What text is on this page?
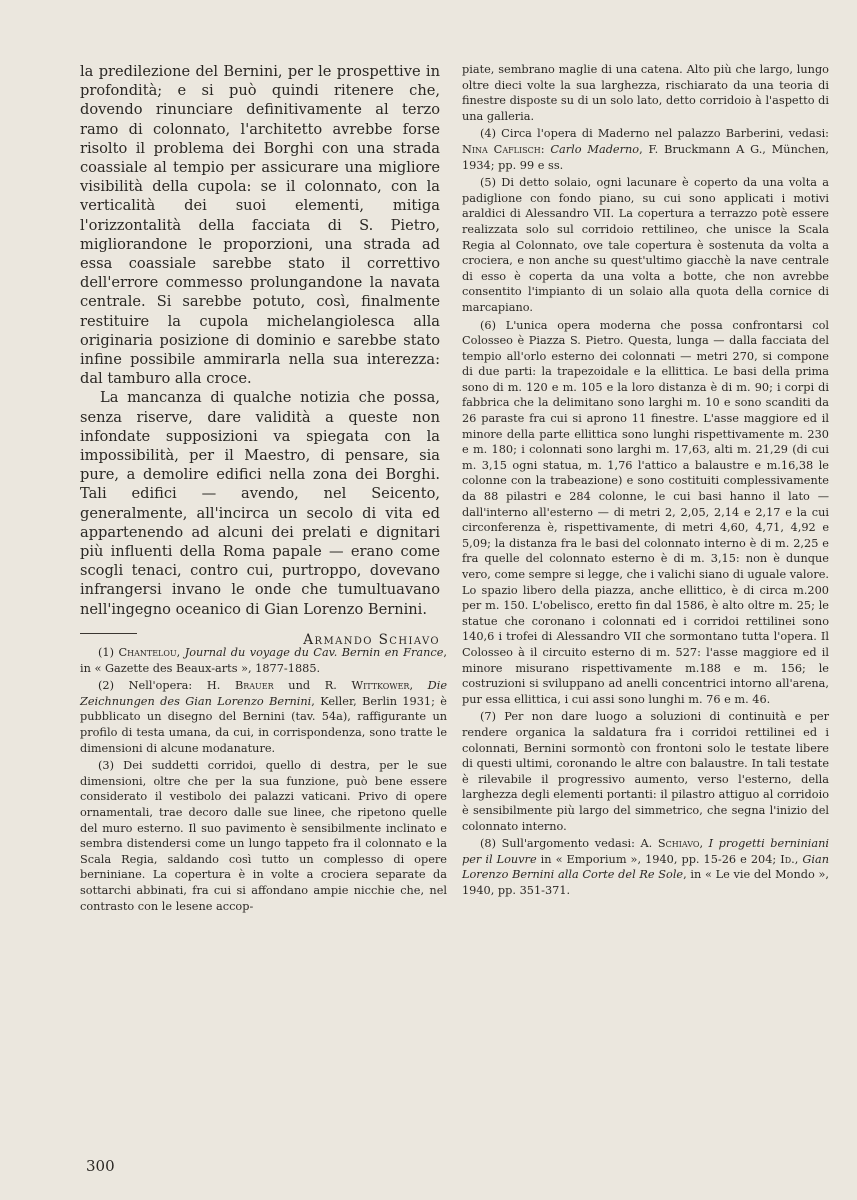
la predilezione del Bernini, per le prospettive in profondità; e si può quindi ritenere che, dovendo rinunciare definitivamente al terzo ramo di colonnato, l'architetto avrebbe forse risolto il problema dei Borghi con una strada coassiale al tempio per assicurare una migliore visibilità della cupola: se il colonnato, con la verticalità dei suoi elementi, mitiga l'orizzontalità della facciata di S. Pietro, migliorandone le proporzioni, una strada ad essa coassiale sarebbe stato il correttivo dell'errore commesso prolungandone la navata centrale. Si sarebbe potuto, così, finalmente restituire la cupola michelangiolesca alla originaria posizione di dominio e sarebbe stato infine possibile ammirarla nella sua interezza: dal tamburo alla croce.

La mancanza di qualche notizia che possa, senza riserve, dare validità a queste non infondate supposizioni va spiegata con la impossibilità, per il Maestro, di pensare, sia pure, a demolire edifici nella zona dei Borghi. Tali edifici — avendo, nel Seicento, generalmente, all'incirca un secolo di vita ed appartenendo ad alcuni dei prelati e dignitari più influenti della Roma papale — erano come scogli tenaci, contro cui, purtroppo, dovevano infrangersi invano le onde che tumultuavano nell'ingegno oceanico di Gian Lorenzo Bernini.

Armando Schiavo

(1) Chantelou, Journal du voyage du Cav. Bernin en France, in « Gazette des Beaux-arts », 1877-1885.

(2) Nell'opera: H. Brauer und R. Wittkower, Die Zeichnungen des Gian Lorenzo Bernini, Keller, Berlin 1931; è pubblicato un disegno del Bernini (tav. 54a), raffigurante un profilo di testa umana, da cui, in corrispondenza, sono tratte le dimensioni di alcune modanature.

(3) Dei suddetti corridoi, quello di destra, per le sue dimensioni, oltre che per la sua funzione, può bene essere considerato il vestibolo dei palazzi vaticani. Privo di opere ornamentali, trae decoro dalle sue linee, che ripetono quelle del muro esterno. Il suo pavimento è sensibilmente inclinato e sembra distendersi come un lungo tappeto fra il colonnato e la Scala Regia, saldando così tutto un complesso di opere berniniane. La copertura è in volte a crociera separate da sottarchi abbinati, fra cui si affondano ampie nicchie che, nel contrasto con le lesene accop-

piate, sembrano maglie di una catena. Alto più che largo, lungo oltre dieci volte la sua larghezza, rischiarato da una teoria di finestre disposte su di un solo lato, detto corridoio à l'aspetto di una galleria.

(4) Circa l'opera di Maderno nel palazzo Barberini, vedasi: Nina Caflisch: Carlo Maderno, F. Bruckmann A G., München, 1934; pp. 99 e ss.

(5) Di detto solaio, ogni lacunare è coperto da una volta a padiglione con fondo piano, su cui sono applicati i motivi araldici di Alessandro VII. La copertura a terrazzo potè essere realizzata solo sul corridoio rettilineo, che unisce la Scala Regia al Colonnato, ove tale copertura è sostenuta da volta a crociera, e non anche su quest'ultimo giacchè la nave centrale di esso è coperta da una volta a botte, che non avrebbe consentito l'impianto di un solaio alla quota della cornice di marcapiano.

(6) L'unica opera moderna che possa confrontarsi col Colosseo è Piazza S. Pietro. Questa, lunga — dalla facciata del tempio all'orlo esterno dei colonnati — metri 270, si compone di due parti: la trapezoidale e la ellittica. Le basi della prima sono di m. 120 e m. 105 e la loro distanza è di m. 90; i corpi di fabbrica che la delimitano sono larghi m. 10 e sono scanditi da 26 paraste fra cui si aprono 11 finestre. L'asse maggiore ed il minore della parte ellittica sono lunghi rispettivamente m. 230 e m. 180; i colonnati sono larghi m. 17,63, alti m. 21,29 (di cui m. 3,15 ogni statua, m. 1,76 l'attico a balaustre e m.16,38 le colonne con la trabeazione) e sono costituiti complessivamente da 88 pilastri e 284 colonne, le cui basi hanno il lato — dall'interno all'esterno — di metri 2, 2,05, 2,14 e 2,17 e la cui circonferenza è, rispettivamente, di metri 4,60, 4,71, 4,92 e 5,09; la distanza fra le basi del colonnato interno è di m. 2,25 e fra quelle del colonnato esterno è di m. 3,15: non è dunque vero, come sempre si legge, che i valichi siano di uguale valore. Lo spazio libero della piazza, anche ellittico, è di circa m.200 per m. 150. L'obelisco, eretto fin dal 1586, è alto oltre m. 25; le statue che coronano i colonnati ed i corridoi rettilinei sono 140,6 i trofei di Alessandro VII che sormontano tutta l'opera. Il Colosseo à il circuito esterno di m. 527: l'asse maggiore ed il minore misurano rispettivamente m.188 e m. 156; le costruzioni si sviluppano ad anelli concentrici intorno all'arena, pur essa ellittica, i cui assi sono lunghi m. 76 e m. 46.

(7) Per non dare luogo a soluzioni di continuità e per rendere organica la saldatura fra i corridoi rettilinei ed i colonnati, Bernini sormontò con frontoni solo le testate libere di questi ultimi, coronando le altre con balaustre. In tali testate è rilevabile il progressivo aumento, verso l'esterno, della larghezza degli elementi portanti: il pilastro attiguo al corridoio è sensibilmente più largo del simmetrico, che segna l'inizio del colonnato interno.

(8) Sull'argomento vedasi: A. Schiavo, I progetti berniniani per il Louvre in « Emporium », 1940, pp. 15-26 e 204; Id., Gian Lorenzo Bernini alla Corte del Re Sole, in « Le vie del Mondo », 1940, pp. 351-371.

300
